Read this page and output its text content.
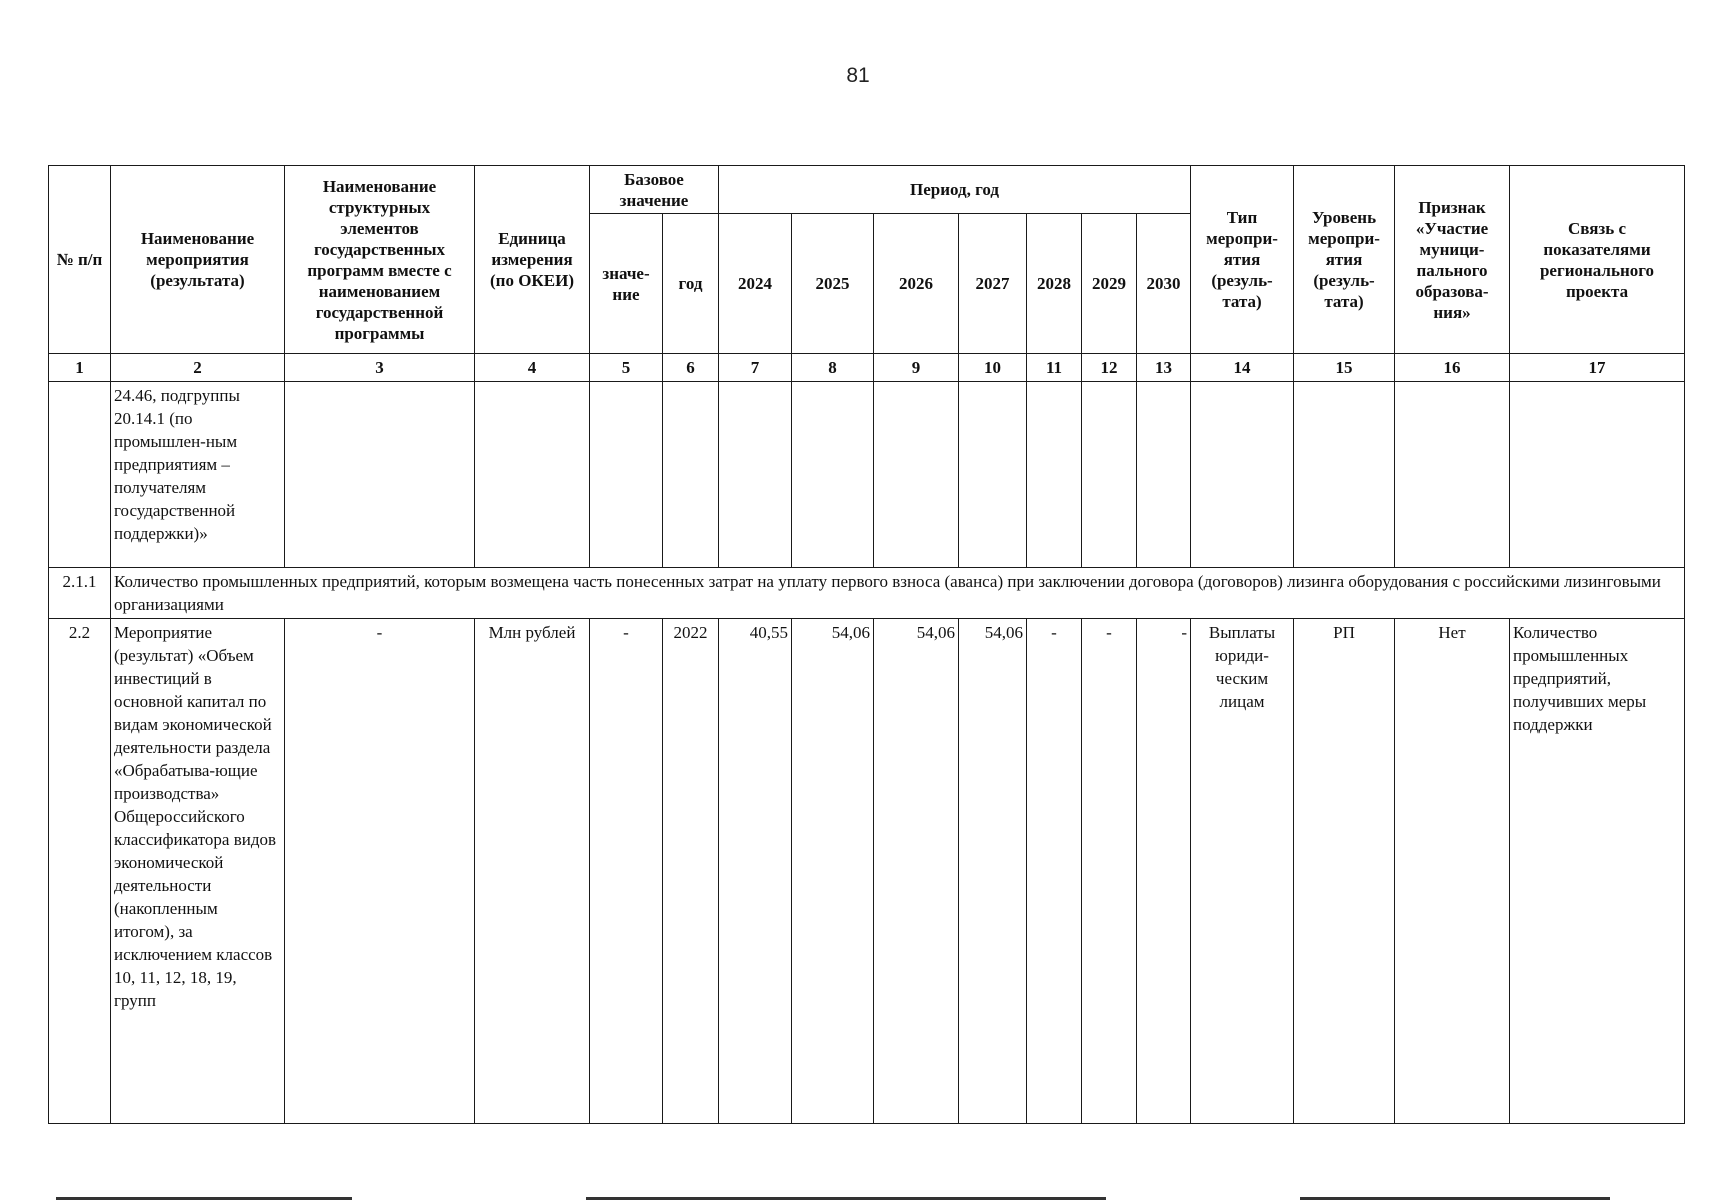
81
№ п/п	Наименование мероприятия (результата)	Наименование структурных элементов государственных программ вместе с наименованием государственной программы	Единица измерения (по ОКЕИ)	Базовое значение		Период, год							Тип меропри-ятия (резуль-тата)	Уровень меропри-ятия (резуль-тата)	Признак «Участие муници-пального образова-ния»	Связь с показателями регионального проекта
				значе-ние	год	2024	2025	2026	2027	2028	2029	2030				
1	2	3	4	5	6	7	8	9	10	11	12	13	14	15	16	17
	24.46, подгруппы 20.14.1 (по промышлен-ным предприятиям – получателям государственной поддержки)»															
2.1.1	Количество промышленных предприятий, которым возмещена часть понесенных затрат на уплату первого взноса (аванса) при заключении договора (договоров) лизинга оборудования с российскими лизинговыми организациями															
2.2	Мероприятие (результат) «Объем инвестиций в основной капитал по видам экономической деятельности раздела «Обрабатыва-ющие производства» Общероссийского классификатора видов экономической деятельности (накопленным итогом), за исключением классов 10, 11, 12, 18, 19, групп	-	Млн рублей	-	2022	40,55	54,06	54,06	54,06	-	-	-	Выплаты юриди-ческим лицам	РП	Нет	Количество промышленных предприятий, получивших меры поддержки
